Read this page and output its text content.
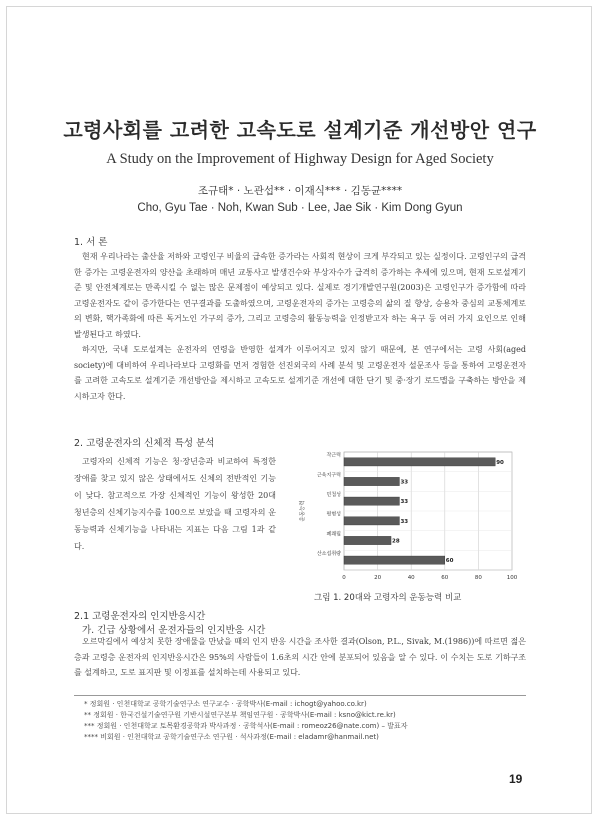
고령사회를 고려한 고속도로 설계기준 개선방안 연구
A Study on the Improvement of Highway Design for Aged Society
조규태* · 노관섭** · 이재식*** · 김동균****
Cho, Gyu Tae · Noh, Kwan Sub · Lee, Jae Sik · Kim Dong Gyun
1. 서 론

현재 우리나라는 출산율 저하와 고령인구 비율의 급속한 증가라는 사회적 현상이 크게 부각되고 있는 실정이다. 고령인구의 급격한 증가는 고령운전자의 양산을 초래하며 매년 교통사고 발생건수와 부상자수가 급격히 증가하는 추세에 있으며, 현재 도로설계기준 및 안전체계로는 만족시킬 수 없는 많은 문제점이 예상되고 있다. 실제로 경기개발연구원(2003)은 고령인구가 증가함에 따라 고령운전자도 같이 증가한다는 연구결과를 도출하였으며, 고령운전자의 증가는 고령층의 삶의 질 향상, 승용차 중심의 교통체계로의 변화, 핵가족화에 따른 독거노인 가구의 증가, 그리고 고령층의 활동능력을 인정받고자 하는 욕구 등 여러 가지 요인으로 인해 발생된다고 하였다.

하지만, 국내 도로설계는 운전자의 연령을 반영한 설계가 이루어지고 있지 않기 때문에, 본 연구에서는 고령 사회(aged society)에 대비하여 우리나라보다 고령화를 먼저 경험한 선진외국의 사례 분석 및 고령운전자 설문조사 등을 통하여 고령운전자를 고려한 고속도로 설계기준 개선방안을 제시하고 고속도로 설계기준 개선에 대한 단기 및 중·장기 로드맵을 구축하는 방안을 제시하고자 한다.

2. 고령운전자의 신체적 특성 분석

고령자의 신체적 기능은 청·장년층과 비교하여 특정한 장애를 찾고 있지 않은 상태에서도 신체의 전반적인 기능이 낮다. 참고적으로 가장 신체적인 기능이 왕성한 20대 청년층의 신체기능지수를 100으로 보았을 때 고령자의 운동능력과 신체기능을 나타내는 지표는 다음 그림 1과 같다.

0	20	40	60	80	100
90
작근력
33
근육지구력
33
민첩성
33
평형성
28
폐쾌립
60
산소섭취량
운동능력
그림 1. 20대와 고령자의 운동능력 비교
2.1 고령운전자의 인지반응시간
가. 긴급 상황에서 운전자들의 인지반응 시간

오르막길에서 예상치 못한 장애물을 만났을 때의 인지 반응 시간을 조사한 결과(Olson, P.L., Sivak, M.(1986))에 따르면 젊은층과 고령층 운전자의 인지반응시간은 95%의 사람들이 1.6초의 시간 안에 분포되어 있음을 알 수 있다. 이 수치는 도로 기하구조를 설계하고, 도로 표지판 및 이정표를 설치하는데 사용되고 있다.

* 정회원 · 인천대학교 공학기술연구소 연구교수 · 공학박사(E-mail : ichogt@yahoo.co.kr)
** 정회원 · 한국건설기술연구원 기반시설연구본부 책임연구원 · 공학박사(E-mail : ksno@kict.re.kr)
*** 정회원 · 인천대학교 토목환경공학과 박사과정 · 공학석사(E-mail : romeoz26@nate.com) – 발표자
**** 비회원 · 인천대학교 공학기술연구소 연구원 · 석사과정(E-mail : eladamr@hanmail.net)
19
